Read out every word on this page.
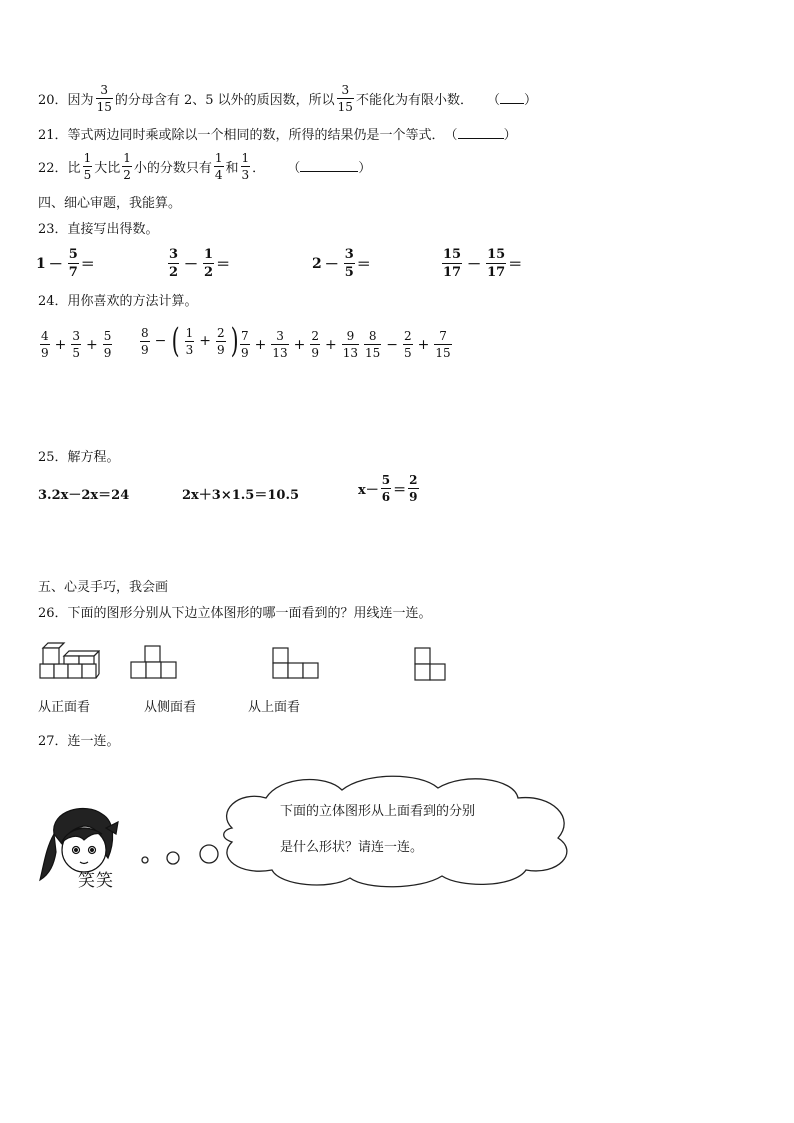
20． 因为 $\frac{3}{15}$ 的分母含有 2、5 以外的质因数，所以 $\frac{3}{15}$ 不能化为有限小数． （ ）
21．等式两边同时乘或除以一个相同的数，所得的结果仍是一个等式． （	）
22． 比 $\frac{1}{5}$ 大比 $\frac{1}{2}$ 小的分数只有 $\frac{1}{4}$ 和 $\frac{1}{3}$ ． （	）
四、细心审题，我能算。
23．直接写出得数。
$1 - \frac{5}{7}$ ＝	$\frac{3}{2} - \frac{1}{2}$ ＝	$2 - \frac{3}{5}$ ＝	$\frac{15}{17} - \frac{15}{17}$ ＝
24．用你喜欢的方法计算。
$\frac{4}{9} + \frac{3}{5} + \frac{5}{9} \frac{8}{9}$ − ( $\frac{1}{3} + \frac{2}{9}$ ) $\frac{7}{9} + \frac{3}{13} + \frac{2}{9} + \frac{9}{13} \frac{8}{15} - \frac{2}{5} + \frac{7}{15}$
25．解方程。
3.2x－2x＝24	2x＋3×1.5＝10.5	$x- \frac{5}{6} = \frac{2}{9}$
五、心灵手巧，我会画
26．下面的图形分别从下边立体图形的哪一面看到的？用线连一连。
从正面看	从侧面看	从上面看
27．连一连。
下面的立体图形从上面看到的分别
是什么形状？请连一连。
笑笑
